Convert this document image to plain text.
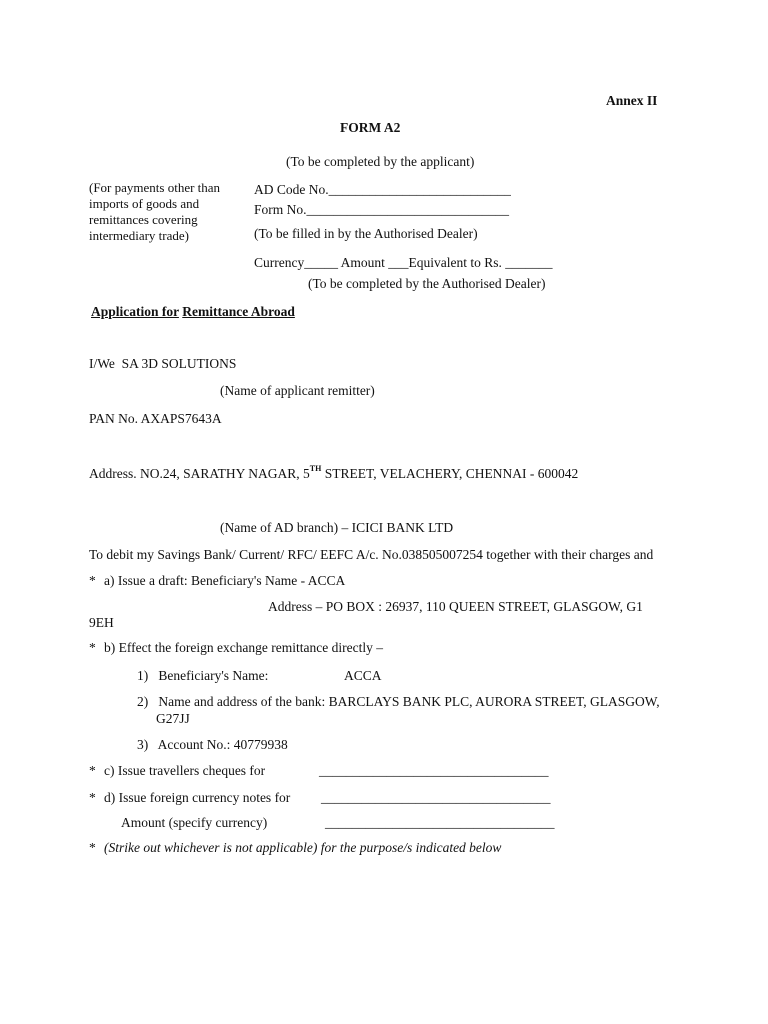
Annex II
FORM A2
(To be completed by the applicant)
(For payments other than imports of goods and remittances covering intermediary trade)
AD Code No.___________________________
Form No.______________________________
(To be filled in by the Authorised Dealer)
Currency_____ Amount ___Equivalent to Rs. _______
(To be completed by the Authorised Dealer)
Application for Remittance Abroad
I/We SA 3D SOLUTIONS
(Name of applicant remitter)
PAN No. AXAPS7643A
Address. NO.24, SARATHY NAGAR, 5TH STREET, VELACHERY, CHENNAI - 600042
(Name of AD branch) – ICICI BANK LTD
To debit my Savings Bank/ Current/ RFC/ EEFC A/c. No.038505007254 together with their charges and
* a) Issue a draft: Beneficiary's Name - ACCA
Address – PO BOX : 26937, 110 QUEEN STREET, GLASGOW, G1
9EH
* b) Effect the foreign exchange remittance directly –
1) Beneficiary's Name:	ACCA
2) Name and address of the bank: BARCLAYS BANK PLC, AURORA STREET, GLASGOW,
G27JJ
3) Account No.: 40779938
* c) Issue travellers cheques for	__________________________________
* d) Issue foreign currency notes for __________________________________
Amount (specify currency)	__________________________________
* (Strike out whichever is not applicable) for the purpose/s indicated below
